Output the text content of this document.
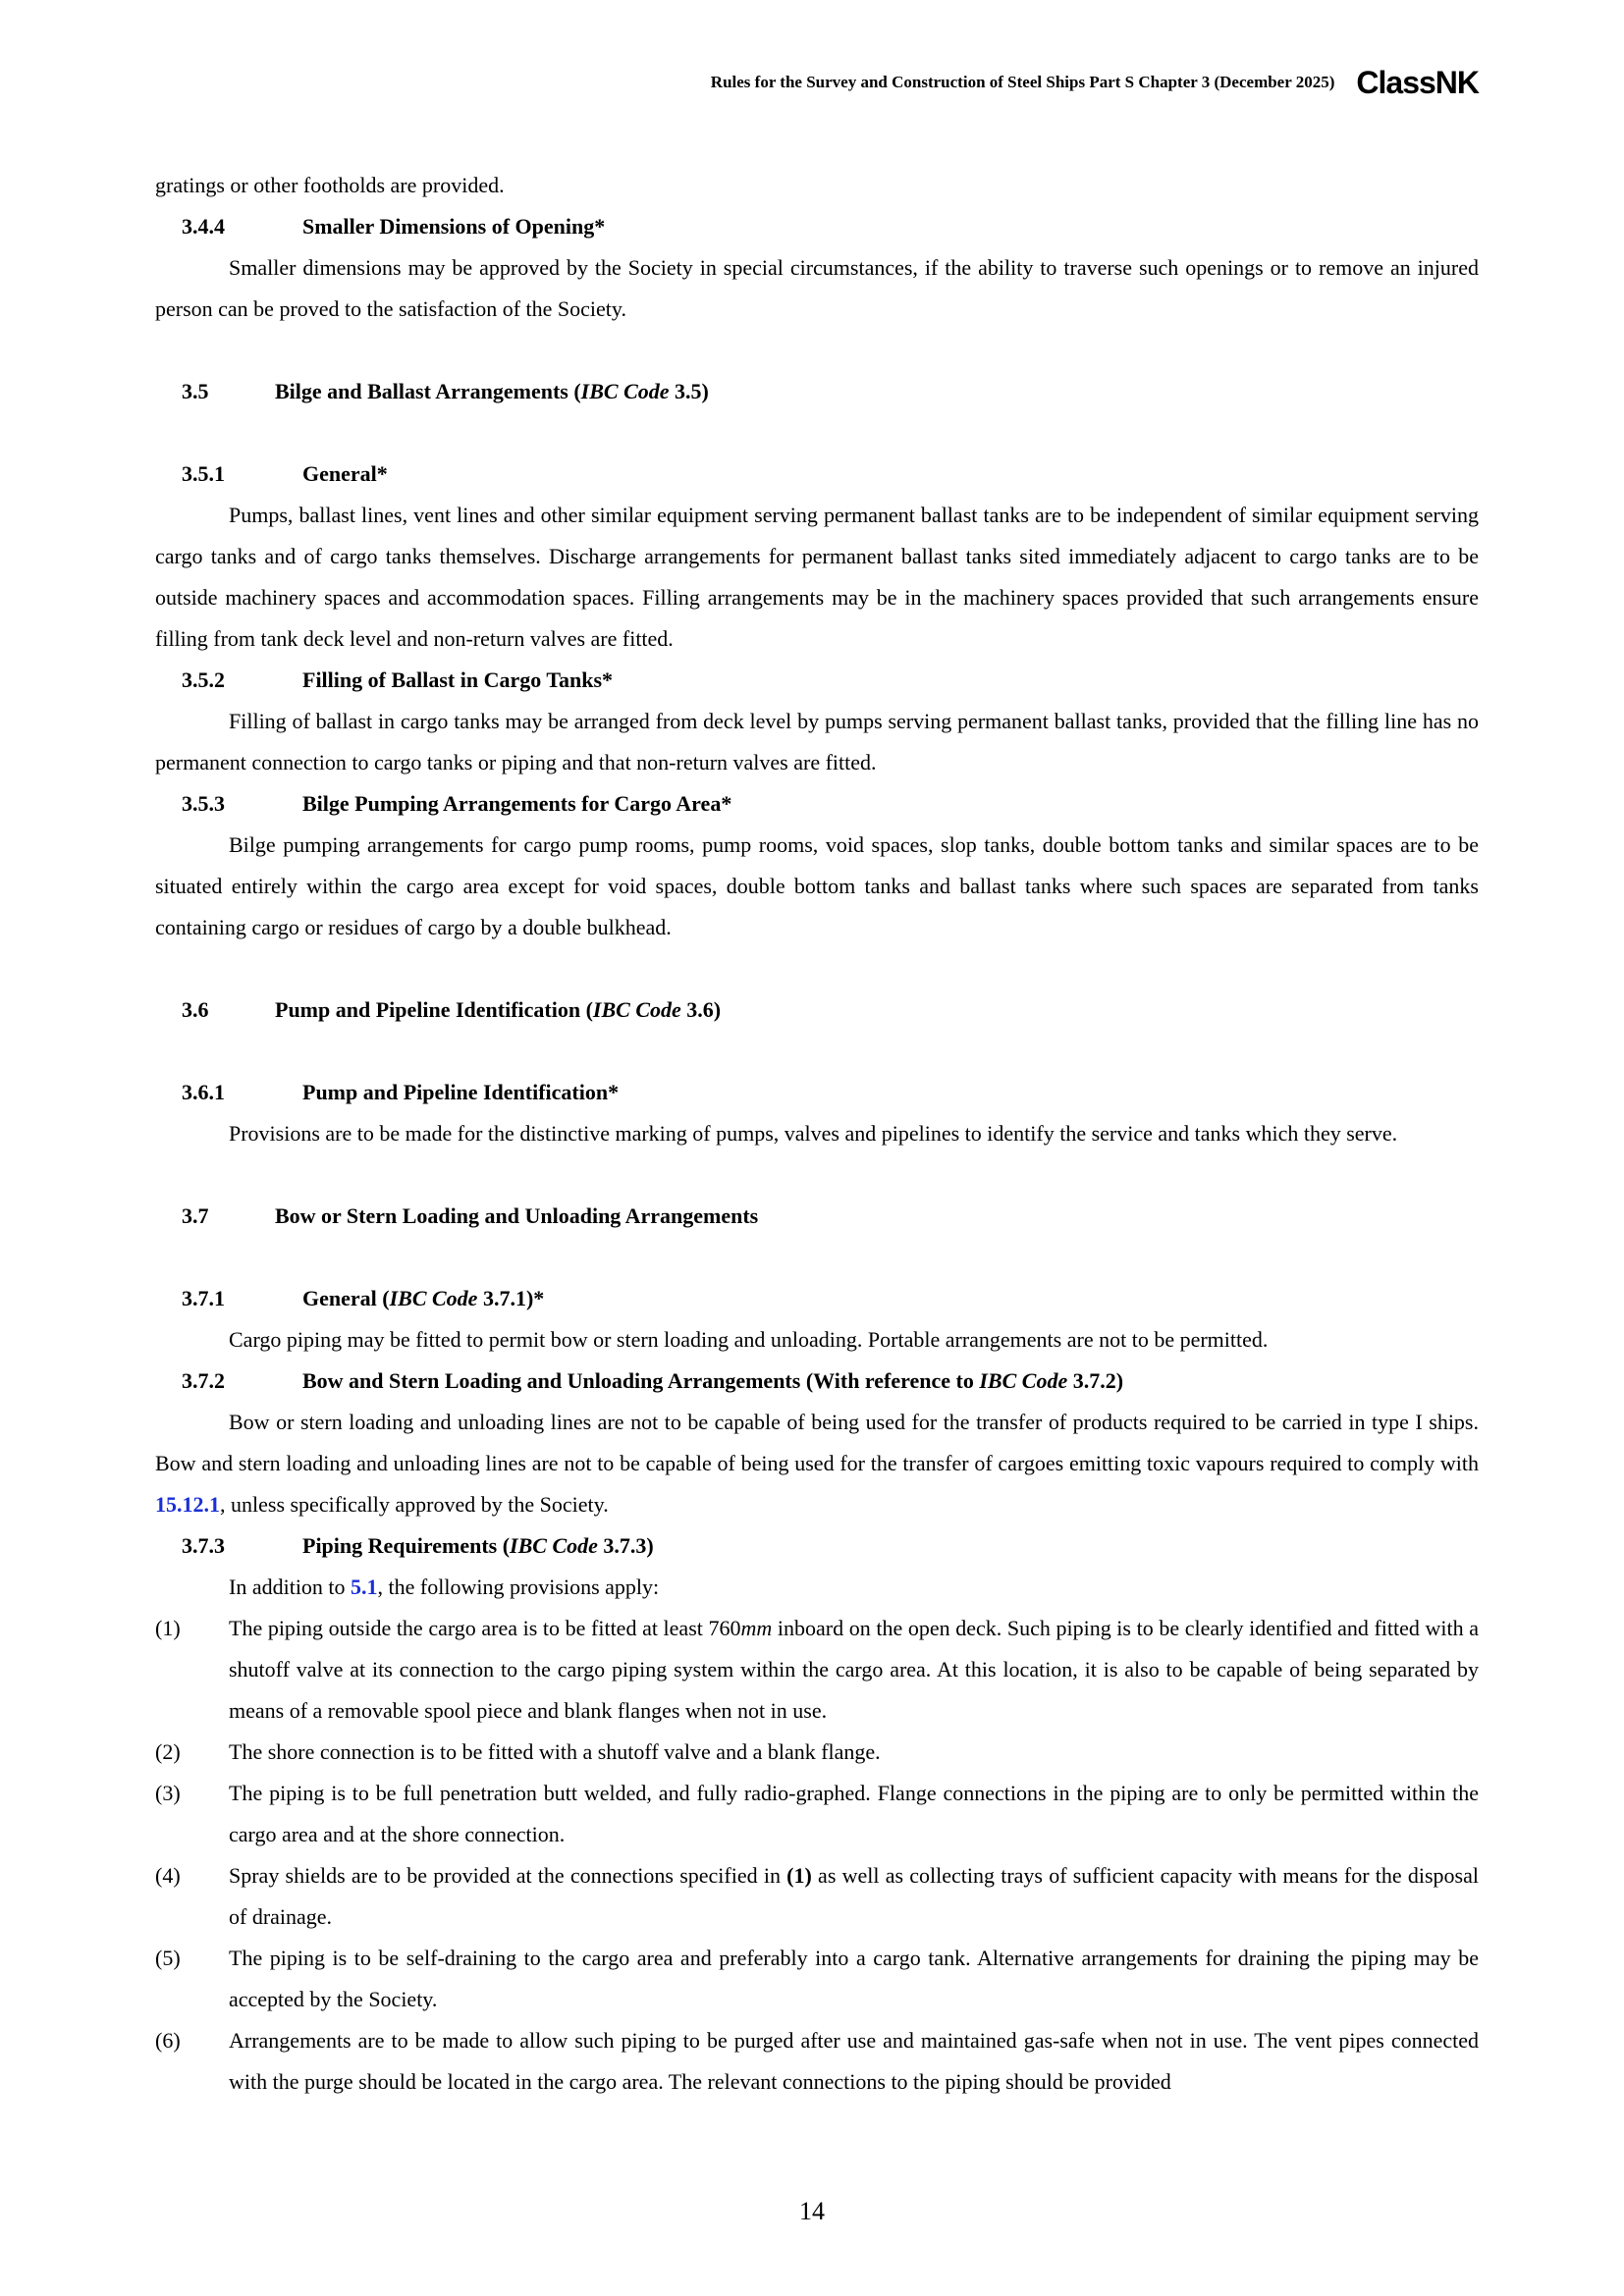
Rules for the Survey and Construction of Steel Ships Part S Chapter 3 (December 2025) ClassNK

gratings or other footholds are provided.

3.4.4	Smaller Dimensions of Opening*

Smaller dimensions may be approved by the Society in special circumstances, if the ability to traverse such openings or to remove an injured person can be proved to the satisfaction of the Society.

3.5	Bilge and Ballast Arrangements (IBC Code 3.5)
3.5.1	General*

Pumps, ballast lines, vent lines and other similar equipment serving permanent ballast tanks are to be independent of similar equipment serving cargo tanks and of cargo tanks themselves. Discharge arrangements for permanent ballast tanks sited immediately adjacent to cargo tanks are to be outside machinery spaces and accommodation spaces. Filling arrangements may be in the machinery spaces provided that such arrangements ensure filling from tank deck level and non-return valves are fitted.

3.5.2	Filling of Ballast in Cargo Tanks*

Filling of ballast in cargo tanks may be arranged from deck level by pumps serving permanent ballast tanks, provided that the filling line has no permanent connection to cargo tanks or piping and that non-return valves are fitted.

3.5.3	Bilge Pumping Arrangements for Cargo Area*

Bilge pumping arrangements for cargo pump rooms, pump rooms, void spaces, slop tanks, double bottom tanks and similar spaces are to be situated entirely within the cargo area except for void spaces, double bottom tanks and ballast tanks where such spaces are separated from tanks containing cargo or residues of cargo by a double bulkhead.

3.6	Pump and Pipeline Identification (IBC Code 3.6)
3.6.1	Pump and Pipeline Identification*

Provisions are to be made for the distinctive marking of pumps, valves and pipelines to identify the service and tanks which they serve.

3.7	Bow or Stern Loading and Unloading Arrangements
3.7.1	General (IBC Code 3.7.1)*

Cargo piping may be fitted to permit bow or stern loading and unloading. Portable arrangements are not to be permitted.

3.7.2	Bow and Stern Loading and Unloading Arrangements (With reference to IBC Code 3.7.2)

Bow or stern loading and unloading lines are not to be capable of being used for the transfer of products required to be carried in type I ships. Bow and stern loading and unloading lines are not to be capable of being used for the transfer of cargoes emitting toxic vapours required to comply with 15.12.1, unless specifically approved by the Society.

3.7.3	Piping Requirements (IBC Code 3.7.3)

In addition to 5.1, the following provisions apply:

(1)	The piping outside the cargo area is to be fitted at least 760mm inboard on the open deck. Such piping is to be clearly identified and fitted with a shutoff valve at its connection to the cargo piping system within the cargo area. At this location, it is also to be capable of being separated by means of a removable spool piece and blank flanges when not in use.
(2)	The shore connection is to be fitted with a shutoff valve and a blank flange.
(3)	The piping is to be full penetration butt welded, and fully radio-graphed. Flange connections in the piping are to only be permitted within the cargo area and at the shore connection.
(4)	Spray shields are to be provided at the connections specified in (1) as well as collecting trays of sufficient capacity with means for the disposal of drainage.
(5)	The piping is to be self-draining to the cargo area and preferably into a cargo tank. Alternative arrangements for draining the piping may be accepted by the Society.
(6)	Arrangements are to be made to allow such piping to be purged after use and maintained gas-safe when not in use. The vent pipes connected with the purge should be located in the cargo area. The relevant connections to the piping should be provided
14
